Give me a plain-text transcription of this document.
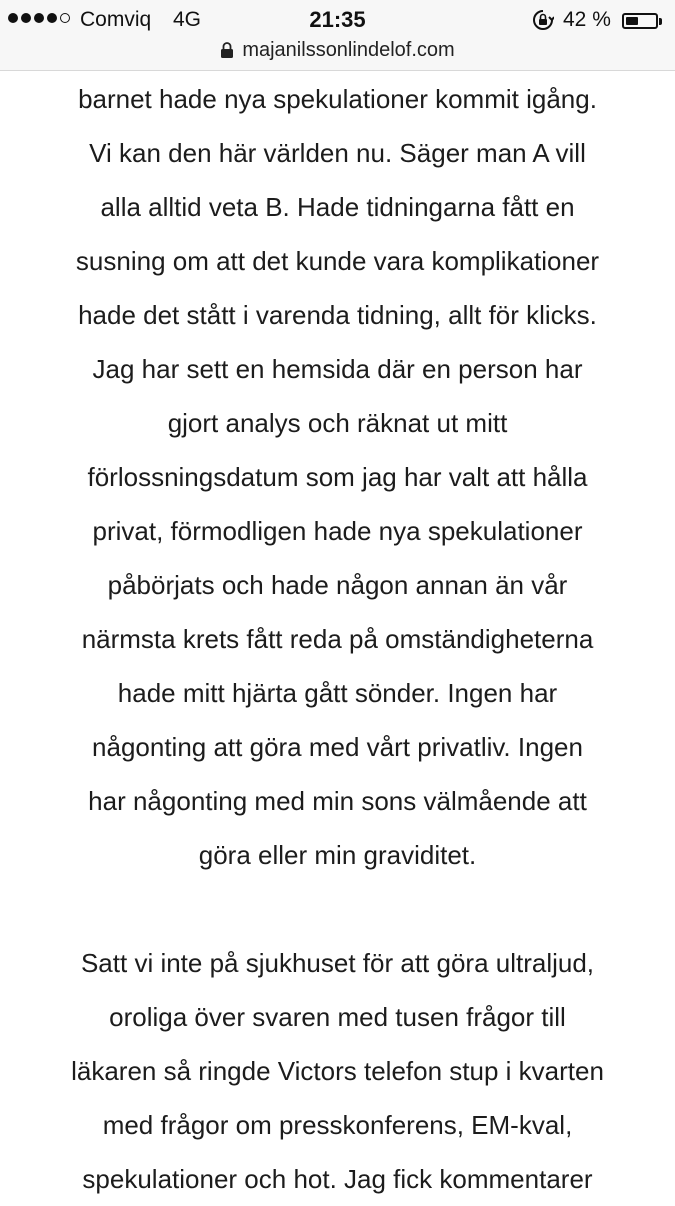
Comviq 4G	21:35	42 %
majanilssonlindelof.com
barnet hade nya spekulationer kommit igång.
Vi kan den här världen nu. Säger man A vill
alla alltid veta B. Hade tidningarna fått en
susning om att det kunde vara komplikationer
hade det stått i varenda tidning, allt för klicks.
Jag har sett en hemsida där en person har
gjort analys och räknat ut mitt
förlossningsdatum som jag har valt att hålla
privat, förmodligen hade nya spekulationer
påbörjats och hade någon annan än vår
närmsta krets fått reda på omständigheterna
hade mitt hjärta gått sönder. Ingen har
någonting att göra med vårt privatliv. Ingen
har någonting med min sons välmående att
göra eller min graviditet.
Satt vi inte på sjukhuset för att göra ultraljud,
oroliga över svaren med tusen frågor till
läkaren så ringde Victors telefon stup i kvarten
med frågor om presskonferens, EM-kval,
spekulationer och hot. Jag fick kommentarer
